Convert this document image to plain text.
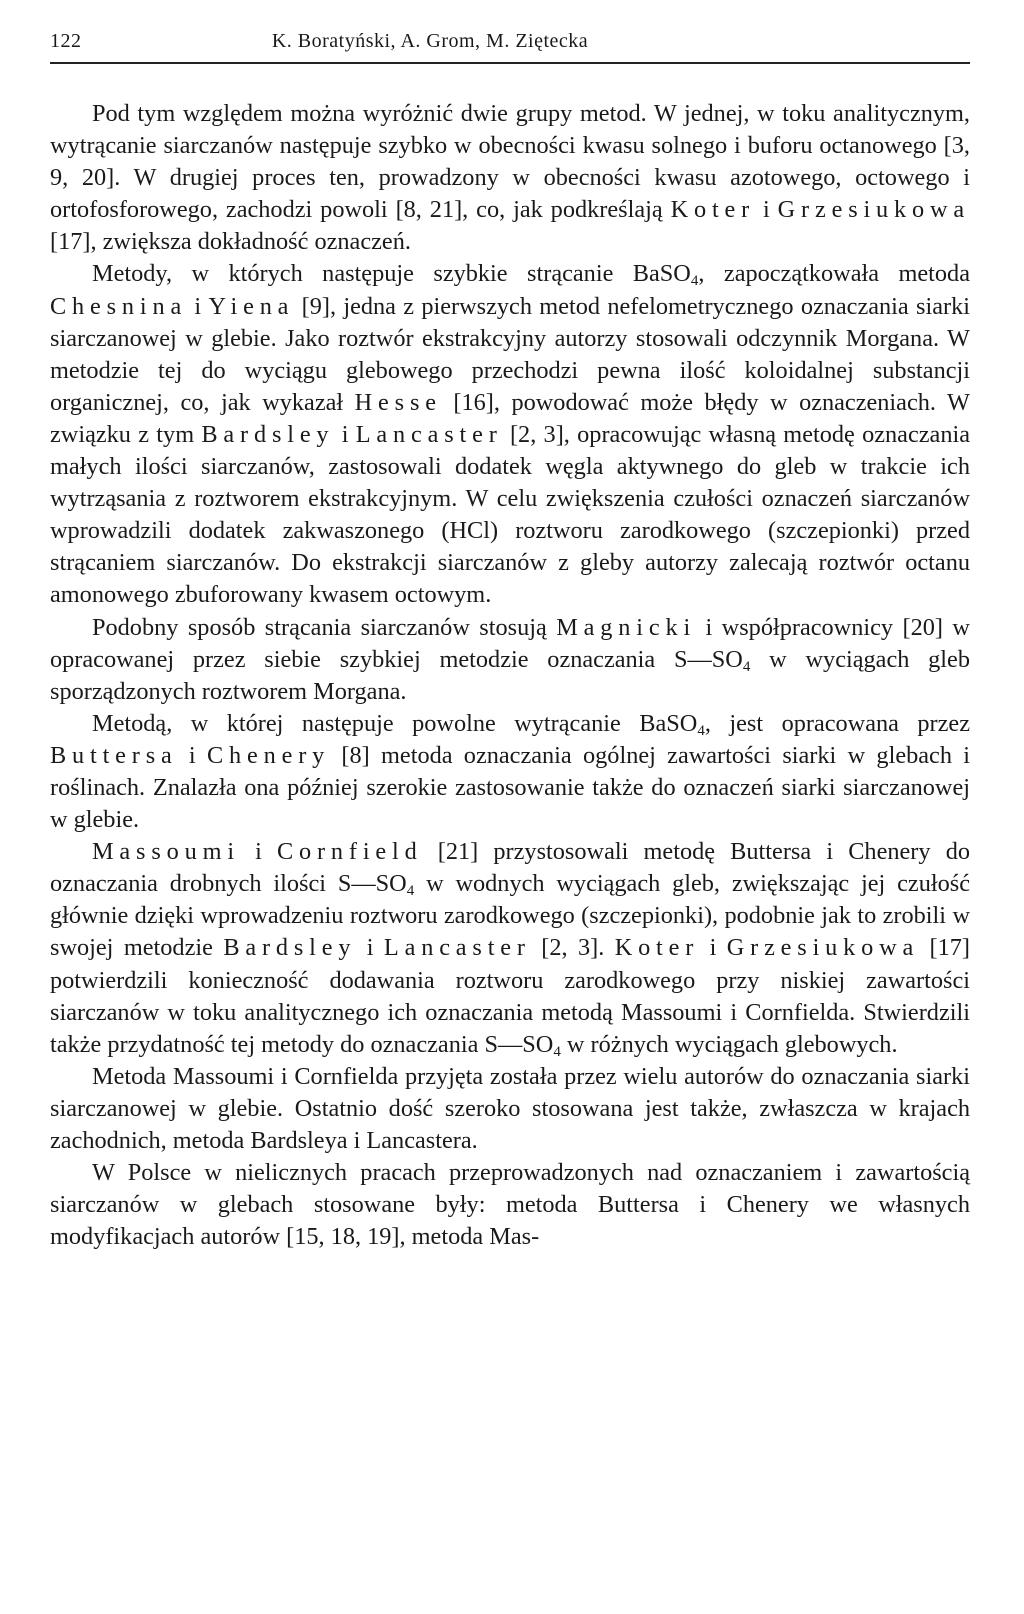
122	K. Boratyński, A. Grom, M. Ziętecka

Pod tym względem można wyróżnić dwie grupy metod. W jednej, w toku analitycznym, wytrącanie siarczanów następuje szybko w obecności kwasu solnego i buforu octanowego [3, 9, 20]. W drugiej proces ten, prowadzony w obecności kwasu azotowego, octowego i ortofosforowego, zachodzi powoli [8, 21], co, jak podkreślają Koter i Grzesiukowa [17], zwiększa dokładność oznaczeń.

Metody, w których następuje szybkie strącanie BaSO$_4$, zapoczątkowała metoda Chesnina i Yiena [9], jedna z pierwszych metod nefelometrycznego oznaczania siarki siarczanowej w glebie. Jako roztwór ekstrakcyjny autorzy stosowali odczynnik Morgana. W metodzie tej do wyciągu glebowego przechodzi pewna ilość koloidalnej substancji organicznej, co, jak wykazał Hesse [16], powodować może błędy w oznaczeniach. W związku z tym Bardsley i Lancaster [2, 3], opracowując własną metodę oznaczania małych ilości siarczanów, zastosowali dodatek węgla aktywnego do gleb w trakcie ich wytrząsania z roztworem ekstrakcyjnym. W celu zwiększenia czułości oznaczeń siarczanów wprowadzili dodatek zakwaszonego (HCl) roztworu zarodkowego (szczepionki) przed strącaniem siarczanów. Do ekstrakcji siarczanów z gleby autorzy zalecają roztwór octanu amonowego zbuforowany kwasem octowym.

Podobny sposób strącania siarczanów stosują Magnicki i współpracownicy [20] w opracowanej przez siebie szybkiej metodzie oznaczania $S—SO_4$ w wyciągach gleb sporządzonych roztworem Morgana.

Metodą, w której następuje powolne wytrącanie BaSO$_4$, jest opracowana przez Buttersa i Chenery [8] metoda oznaczania ogólnej zawartości siarki w glebach i roślinach. Znalazła ona później szerokie zastosowanie także do oznaczeń siarki siarczanowej w glebie.

Massoumi i Cornfield [21] przystosowali metodę Buttersa i Chenery do oznaczania drobnych ilości $S—SO_4$ w wodnych wyciągach gleb, zwiększając jej czułość głównie dzięki wprowadzeniu roztworu zarodkowego (szczepionki), podobnie jak to zrobili w swojej metodzie Bardsley i Lancaster [2, 3]. Koter i Grzesiukowa [17] potwierdzili konieczność dodawania roztworu zarodkowego przy niskiej zawartości siarczanów w toku analitycznego ich oznaczania metodą Massoumi i Cornfielda. Stwierdzili także przydatność tej metody do oznaczania $S—SO_4$ w różnych wyciągach glebowych.

Metoda Massoumi i Cornfielda przyjęta została przez wielu autorów do oznaczania siarki siarczanowej w glebie. Ostatnio dość szeroko stosowana jest także, zwłaszcza w krajach zachodnich, metoda Bardsleya i Lancastera.

W Polsce w nielicznych pracach przeprowadzonych nad oznaczaniem i zawartością siarczanów w glebach stosowane były: metoda Buttersa i Chenery we własnych modyfikacjach autorów [15, 18, 19], metoda Mas-
